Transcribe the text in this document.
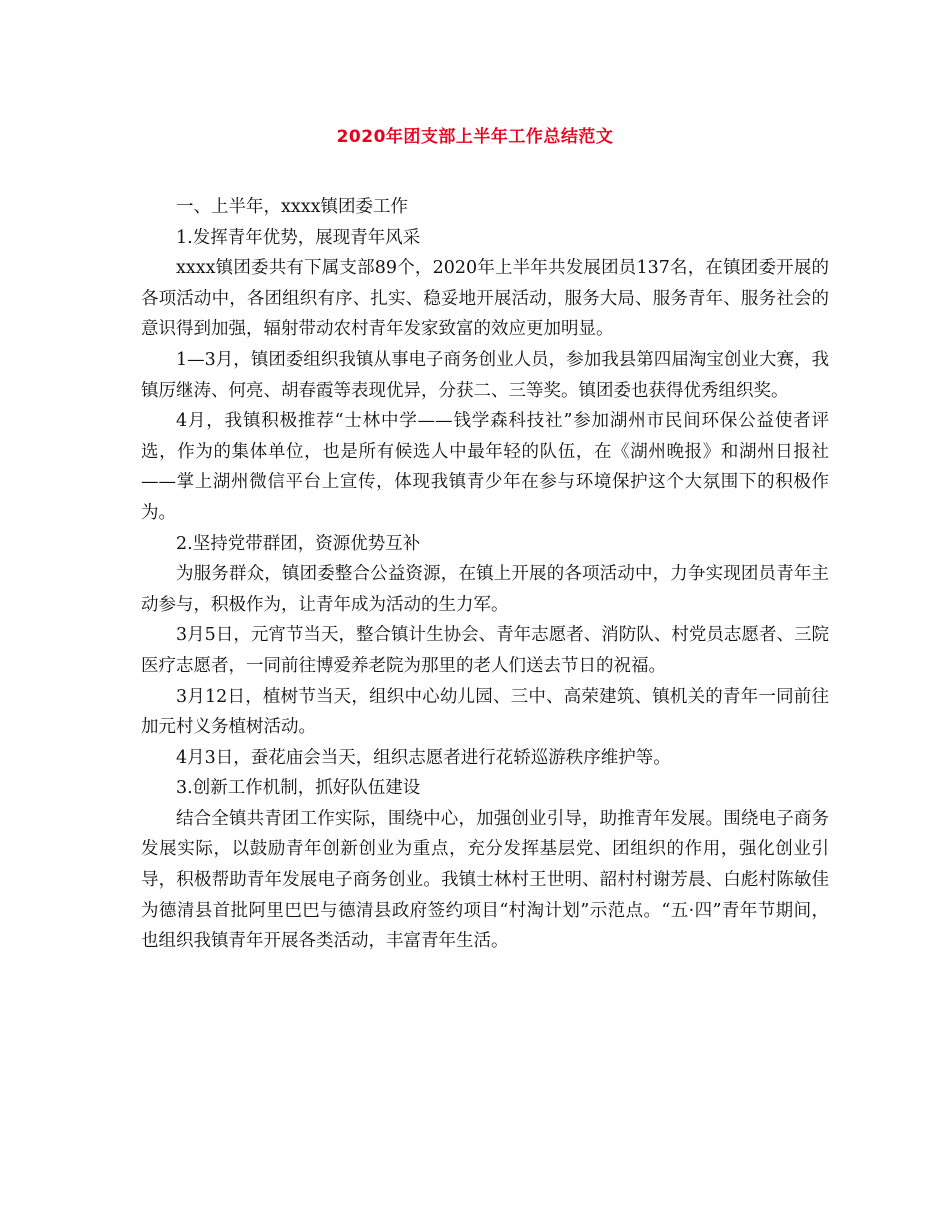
2020年团支部上半年工作总结范文

一、上半年，xxxx镇团委工作

1.发挥青年优势，展现青年风采

xxxx镇团委共有下属支部89个，2020年上半年共发展团员137名，在镇团委开展的各项活动中，各团组织有序、扎实、稳妥地开展活动，服务大局、服务青年、服务社会的意识得到加强，辐射带动农村青年发家致富的效应更加明显。

1—3月，镇团委组织我镇从事电子商务创业人员，参加我县第四届淘宝创业大赛，我镇厉继涛、何亮、胡春霞等表现优异，分获二、三等奖。镇团委也获得优秀组织奖。

4月，我镇积极推荐“士林中学——钱学森科技社”参加湖州市民间环保公益使者评选，作为的集体单位，也是所有候选人中最年轻的队伍，在《湖州晚报》和湖州日报社——掌上湖州微信平台上宣传，体现我镇青少年在参与环境保护这个大氛围下的积极作为。

2.坚持党带群团，资源优势互补

为服务群众，镇团委整合公益资源，在镇上开展的各项活动中，力争实现团员青年主动参与，积极作为，让青年成为活动的生力军。

3月5日，元宵节当天，整合镇计生协会、青年志愿者、消防队、村党员志愿者、三院医疗志愿者，一同前往博爱养老院为那里的老人们送去节日的祝福。

3月12日，植树节当天，组织中心幼儿园、三中、高荣建筑、镇机关的青年一同前往加元村义务植树活动。

4月3日，蚕花庙会当天，组织志愿者进行花轿巡游秩序维护等。

3.创新工作机制，抓好队伍建设

结合全镇共青团工作实际，围绕中心，加强创业引导，助推青年发展。围绕电子商务发展实际，以鼓励青年创新创业为重点，充分发挥基层党、团组织的作用，强化创业引导，积极帮助青年发展电子商务创业。我镇士林村王世明、韶村村谢芳晨、白彪村陈敏佳为德清县首批阿里巴巴与德清县政府签约项目“村淘计划”示范点。“五·四”青年节期间，也组织我镇青年开展各类活动，丰富青年生活。
